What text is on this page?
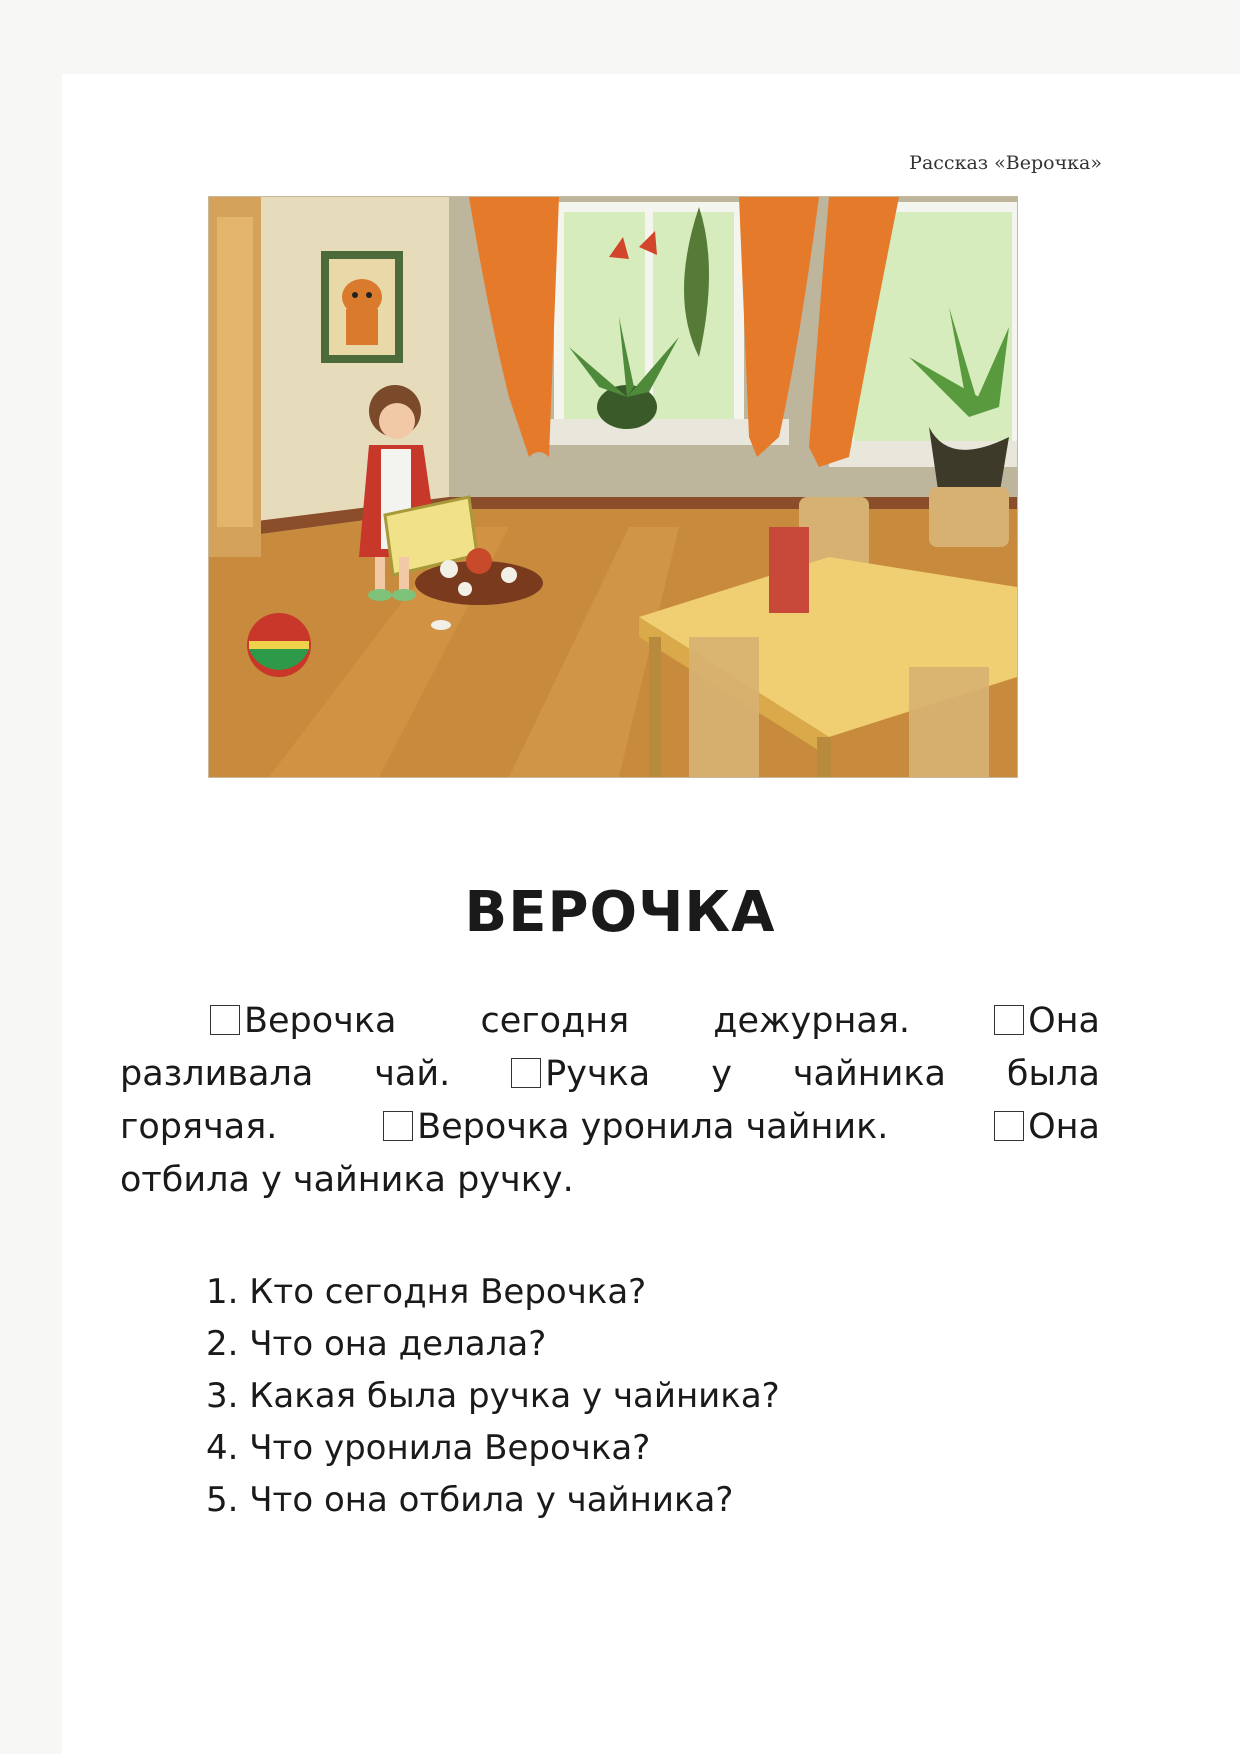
Рассказ «Верочка»
ВЕРОЧКА
Верочка сегодня дежурная.	Она
разливала чай.	Ручка у чайника была
горячая.	Верочка уронила чайник.	Она
отбила у чайника ручку.
1. Кто сегодня Верочка?
2. Что она делала?
3. Какая была ручка у чайника?
4. Что уронила Верочка?
5. Что она отбила у чайника?
